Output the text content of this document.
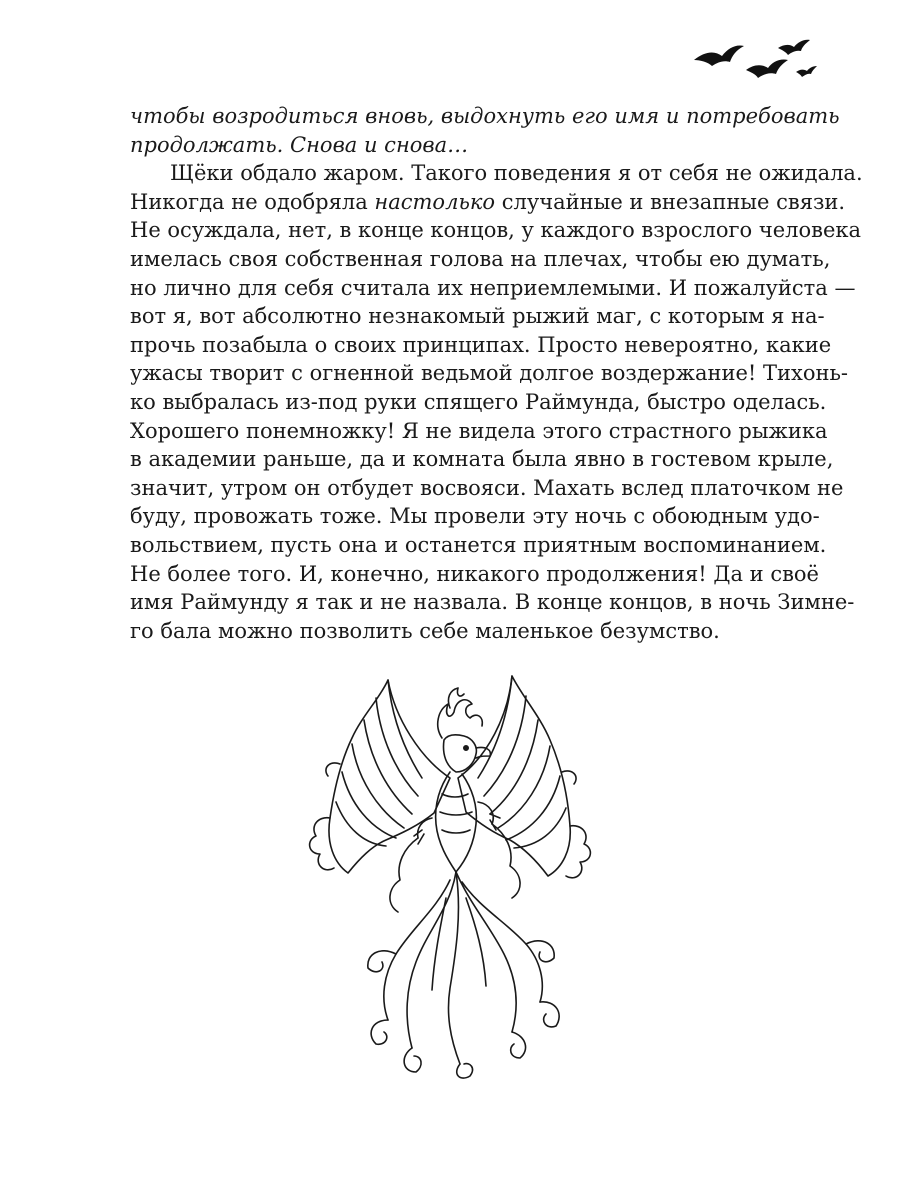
чтобы возродиться вновь, выдохнуть его имя и потребовать
продолжать. Снова и снова…
Щёки обдало жаром. Такого поведения я от себя не ожидала.
Никогда не одобряла настолько случайные и внезапные связи.
Не осуждала, нет, в конце концов, у каждого взрослого человека
имелась своя собственная голова на плечах, чтобы ею думать,
но лично для себя считала их неприемлемыми. И пожалуйста —
вот я, вот абсолютно незнакомый рыжий маг, с которым я на-
прочь позабыла о своих принципах. Просто невероятно, какие
ужасы творит с огненной ведьмой долгое воздержание! Тихонь-
ко выбралась из-под руки спящего Раймунда, быстро оделась.
Хорошего понемножку! Я не видела этого страстного рыжика
в академии раньше, да и комната была явно в гостевом крыле,
значит, утром он отбудет восвояси. Махать вслед платочком не
буду, провожать тоже. Мы провели эту ночь с обоюдным удо-
вольствием, пусть она и останется приятным воспоминанием.
Не более того. И, конечно, никакого продолжения! Да и своё
имя Раймунду я так и не назвала. В конце концов, в ночь Зимне-
го бала можно позволить себе маленькое безумство.
